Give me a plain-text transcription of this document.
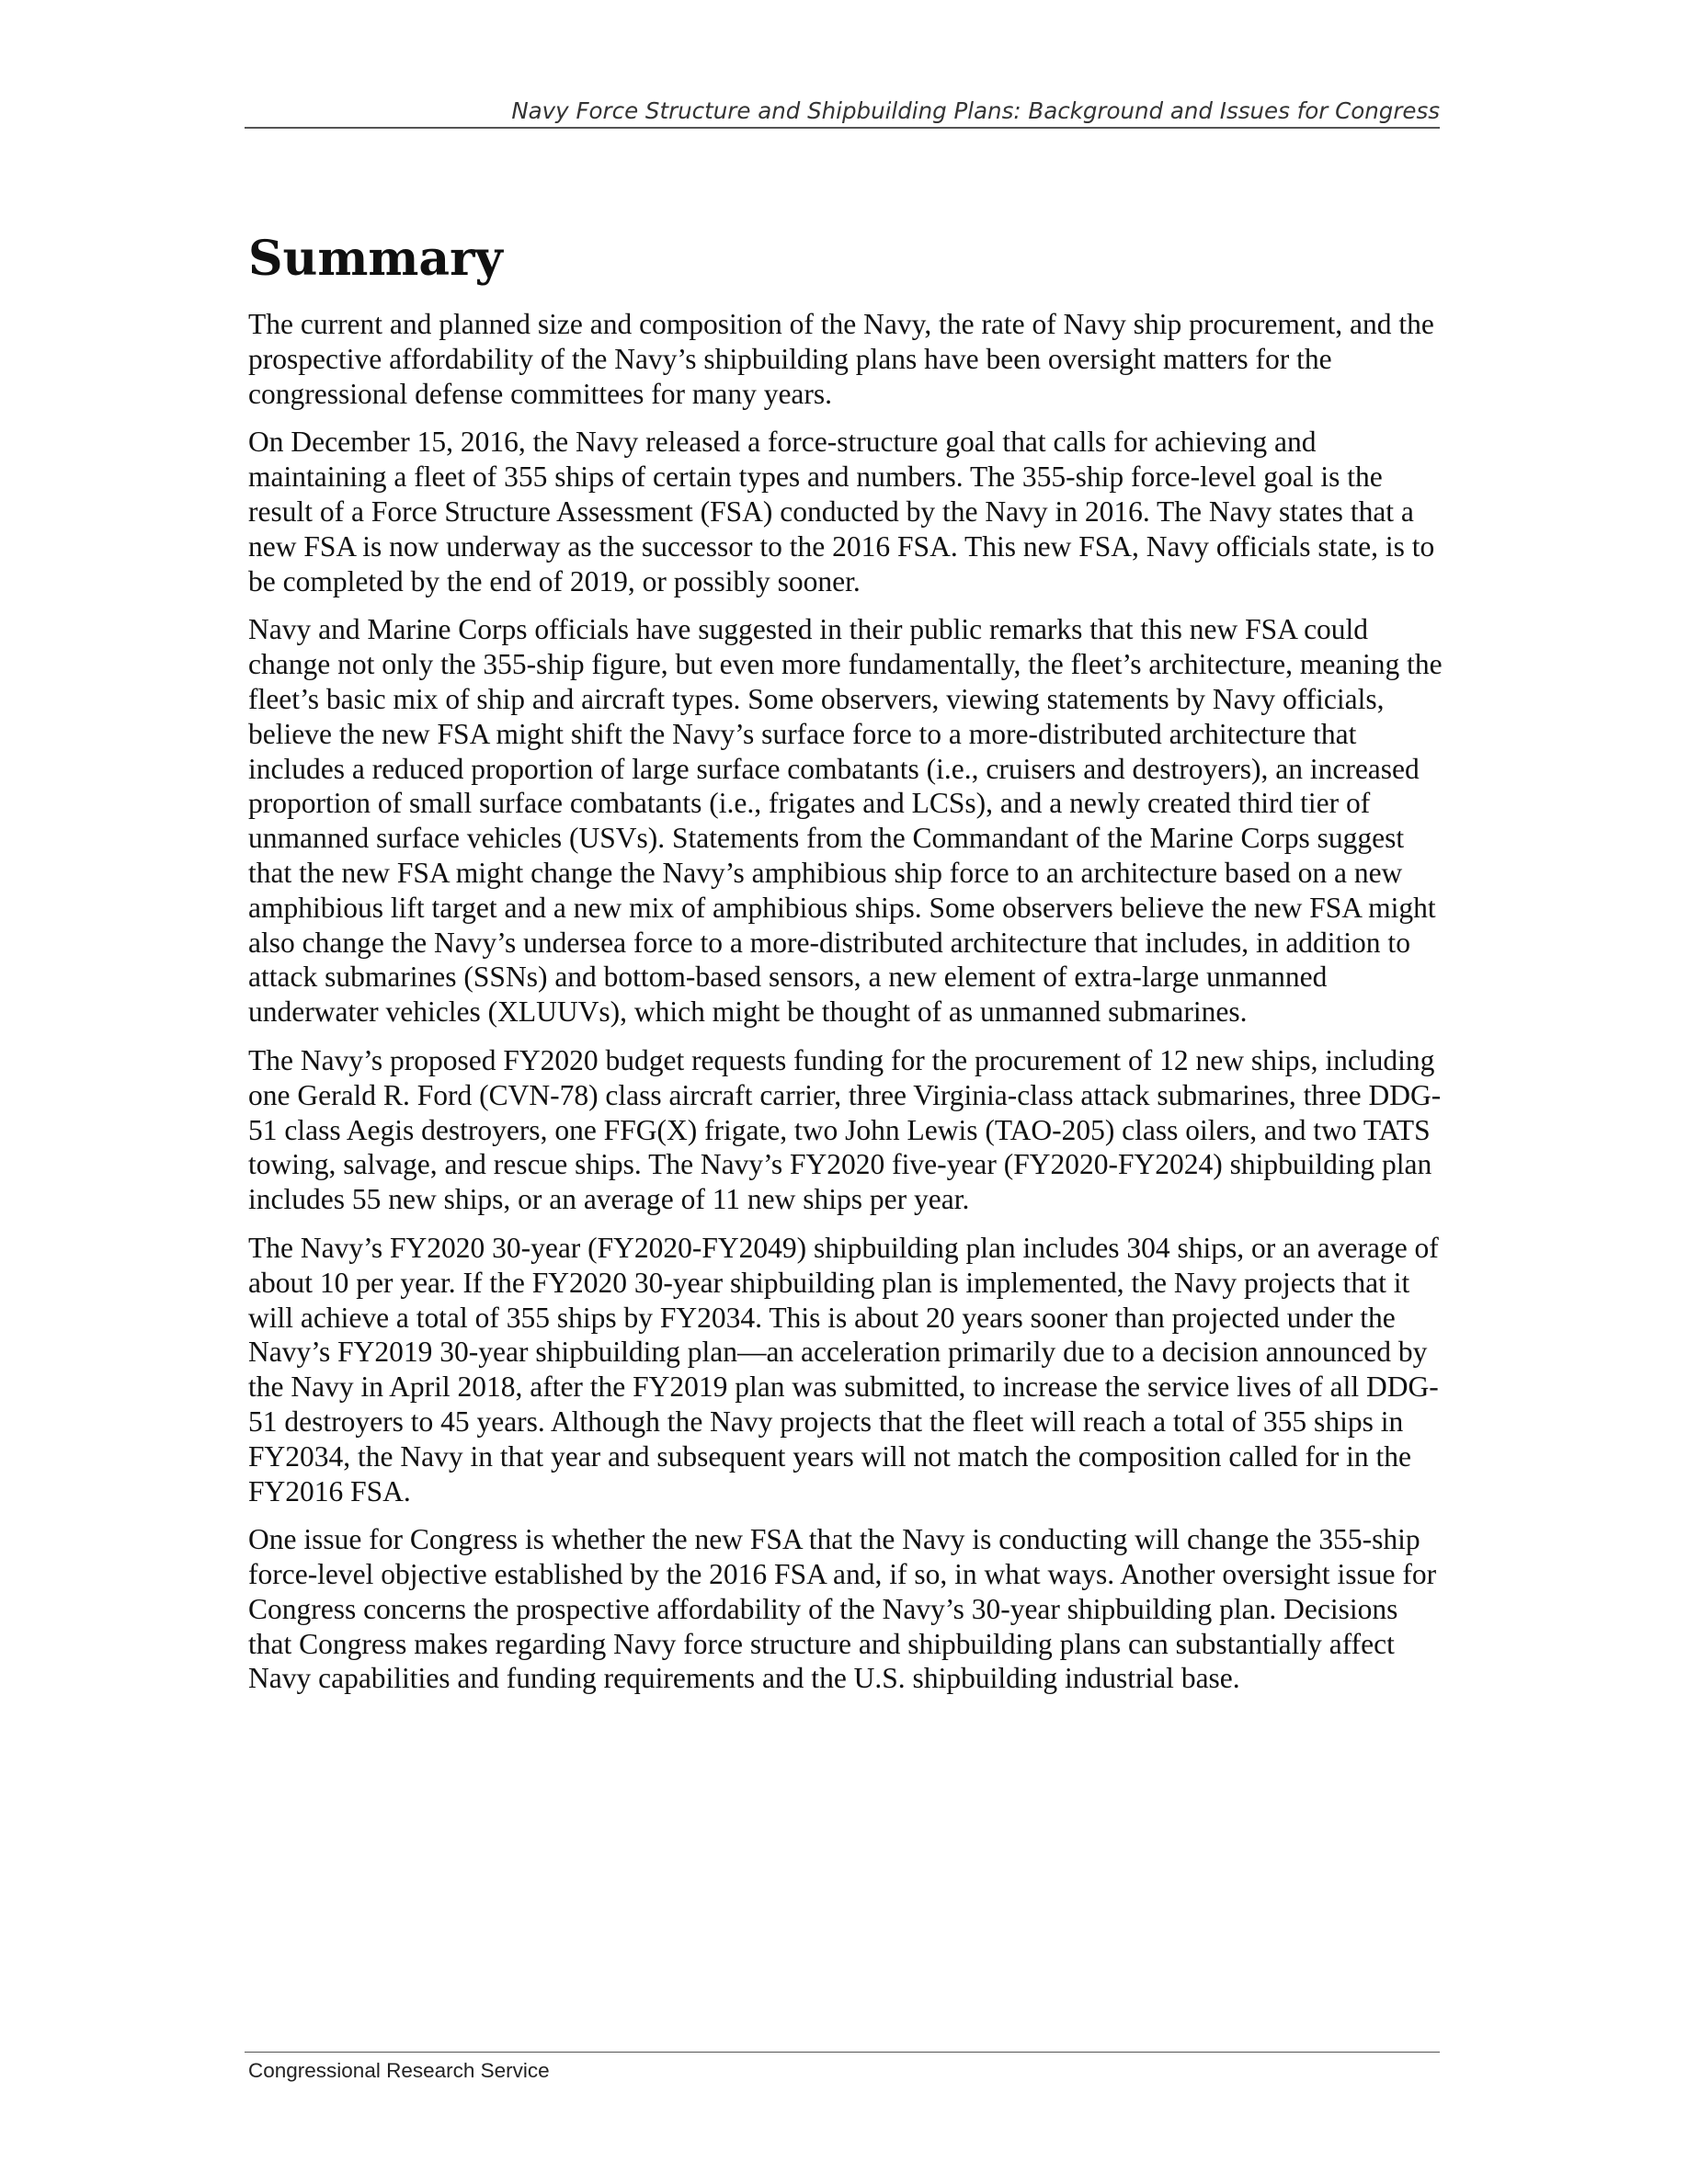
Navy Force Structure and Shipbuilding Plans: Background and Issues for Congress
Summary

The current and planned size and composition of the Navy, the rate of Navy ship procurement, and the prospective affordability of the Navy’s shipbuilding plans have been oversight matters for the congressional defense committees for many years.

On December 15, 2016, the Navy released a force-structure goal that calls for achieving and maintaining a fleet of 355 ships of certain types and numbers. The 355-ship force-level goal is the result of a Force Structure Assessment (FSA) conducted by the Navy in 2016. The Navy states that a new FSA is now underway as the successor to the 2016 FSA. This new FSA, Navy officials state, is to be completed by the end of 2019, or possibly sooner.

Navy and Marine Corps officials have suggested in their public remarks that this new FSA could change not only the 355-ship figure, but even more fundamentally, the fleet’s architecture, meaning the fleet’s basic mix of ship and aircraft types. Some observers, viewing statements by Navy officials, believe the new FSA might shift the Navy’s surface force to a more-distributed architecture that includes a reduced proportion of large surface combatants (i.e., cruisers and destroyers), an increased proportion of small surface combatants (i.e., frigates and LCSs), and a newly created third tier of unmanned surface vehicles (USVs). Statements from the Commandant of the Marine Corps suggest that the new FSA might change the Navy’s amphibious ship force to an architecture based on a new amphibious lift target and a new mix of amphibious ships. Some observers believe the new FSA might also change the Navy’s undersea force to a more-distributed architecture that includes, in addition to attack submarines (SSNs) and bottom-based sensors, a new element of extra-large unmanned underwater vehicles (XLUUVs), which might be thought of as unmanned submarines.

The Navy’s proposed FY2020 budget requests funding for the procurement of 12 new ships, including one Gerald R. Ford (CVN-78) class aircraft carrier, three Virginia-class attack submarines, three DDG-51 class Aegis destroyers, one FFG(X) frigate, two John Lewis (TAO-205) class oilers, and two TATS towing, salvage, and rescue ships. The Navy’s FY2020 five-year (FY2020-FY2024) shipbuilding plan includes 55 new ships, or an average of 11 new ships per year.

The Navy’s FY2020 30-year (FY2020-FY2049) shipbuilding plan includes 304 ships, or an average of about 10 per year. If the FY2020 30-year shipbuilding plan is implemented, the Navy projects that it will achieve a total of 355 ships by FY2034. This is about 20 years sooner than projected under the Navy’s FY2019 30-year shipbuilding plan—an acceleration primarily due to a decision announced by the Navy in April 2018, after the FY2019 plan was submitted, to increase the service lives of all DDG-51 destroyers to 45 years. Although the Navy projects that the fleet will reach a total of 355 ships in FY2034, the Navy in that year and subsequent years will not match the composition called for in the FY2016 FSA.

One issue for Congress is whether the new FSA that the Navy is conducting will change the 355-ship force-level objective established by the 2016 FSA and, if so, in what ways. Another oversight issue for Congress concerns the prospective affordability of the Navy’s 30-year shipbuilding plan. Decisions that Congress makes regarding Navy force structure and shipbuilding plans can substantially affect Navy capabilities and funding requirements and the U.S. shipbuilding industrial base.

Congressional Research Service
